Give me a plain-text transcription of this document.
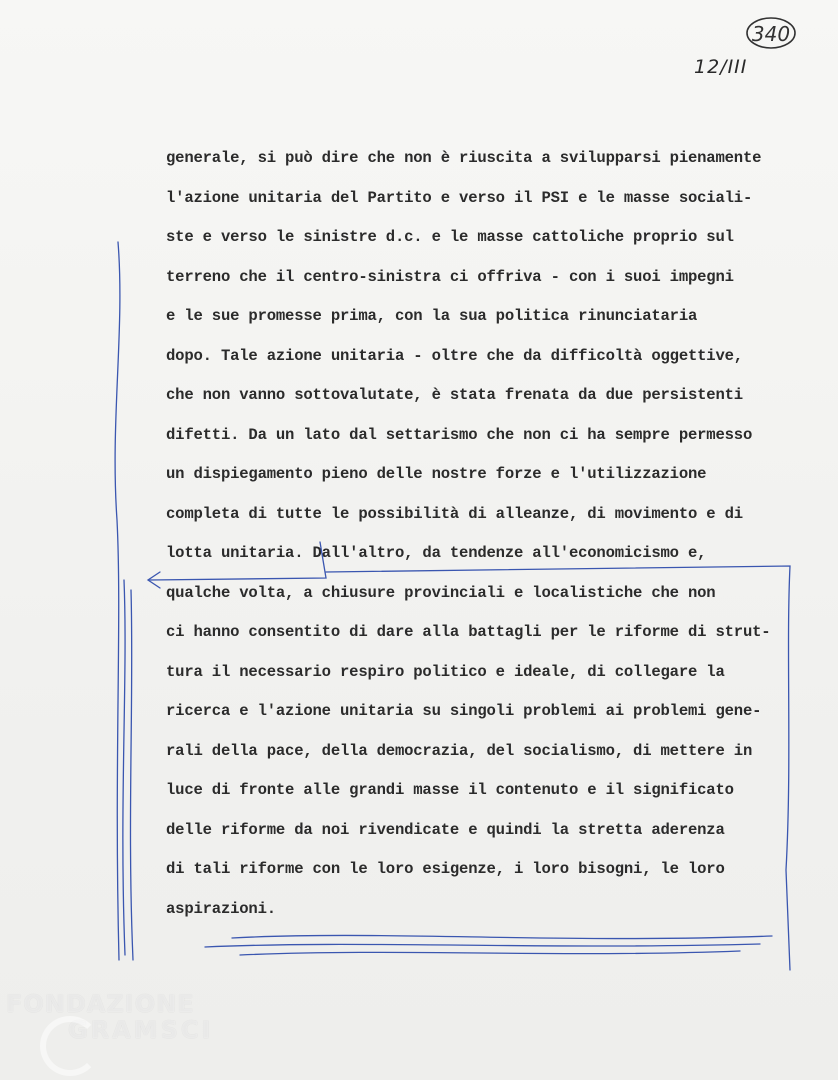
340
12/III
generale, si può dire che non è riuscita a svilupparsi pienamente
l'azione unitaria del Partito e verso il PSI e le masse sociali-
ste e verso le sinistre d.c. e le masse cattoliche proprio sul
terreno che il centro-sinistra ci offriva - con i suoi impegni
e le sue promesse prima, con la sua politica rinunciataria
dopo. Tale azione unitaria - oltre che da difficoltà oggettive,
che non vanno sottovalutate, è stata frenata da due persistenti
difetti. Da un lato dal settarismo che non ci ha sempre permesso
un dispiegamento pieno delle nostre forze e l'utilizzazione
completa di tutte le possibilità di alleanze, di movimento e di
lotta unitaria. Dall'altro, da tendenze all'economicismo e,
qualche volta, a chiusure provinciali e localistiche che non
ci hanno consentito di dare alla battagli per le riforme di strut-
tura il necessario respiro politico e ideale, di collegare la
ricerca e l'azione unitaria su singoli problemi ai problemi gene-
rali della pace, della democrazia, del socialismo, di mettere in
luce di fronte alle grandi masse il contenuto e il significato
delle riforme da noi rivendicate e quindi la stretta aderenza
di tali riforme con le loro esigenze, i loro bisogni, le loro
aspirazioni.
FONDAZIONE
GRAMSCI
